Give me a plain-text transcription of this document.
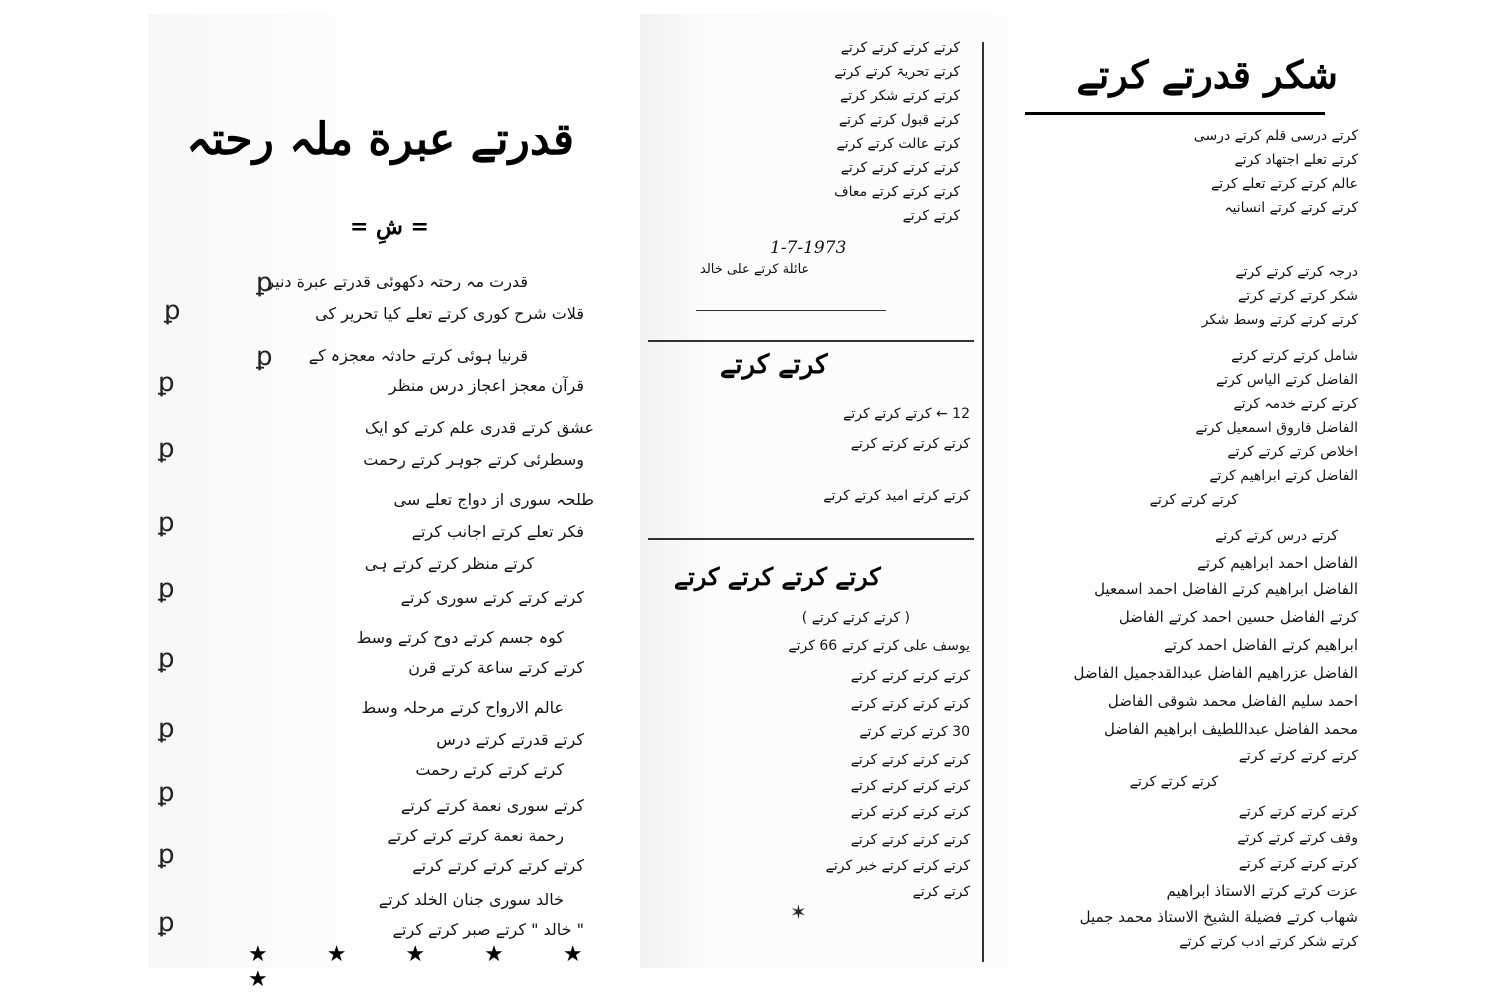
قدرتے عبرة ملہ رحتہ
= شِ =
قدرت مہ رحتہ دکھوئی قدرتے عبرة دنیر
قلات شرح کوری کرتے تعلے کیا تحریر کی
قرنیا ہوئی کرتے حادثہ معجزہ کے
قرآن معجز اعجاز درس منظر
عشق کرتے قدری علم کرتے کو ایک
وسطرئی کرتے جوہر کرتے رحمت
طلحہ سوری از دواج تعلے سی
فکر تعلے کرتے اجانب کرتے
کرتے منظر کرتے کرتے ہی
کرتے کرتے کرتے سوری کرتے
کوہ جسم کرتے دوح کرتے وسط
کرتے کرتے ساعة کرتے قرن
عالم الارواح کرتے مرحلہ وسط
کرتے قدرتے کرتے درس
کرتے کرتے کرتے رحمت
کرتے سوری نعمة کرتے کرتے
رحمة نعمة کرتے کرتے کرتے
کرتے کرتے کرتے کرتے کرتے
خالد سوری جنان الخلد کرتے
" خالد " کرتے صبر کرتے کرتے
ꝑ
ꝑ
ꝑ
ꝑ
ꝑ
ꝑ
ꝑ
ꝑ
ꝑ
ꝑ
ꝑ
ꝑ
★ ★ ★ ★ ★ ★
شکر قدرتے کرتے
کرتے درسی قلم کرتے درسی
کرتے تعلے اجتهاد کرتے
عالم کرتے کرتے تعلے کرتے
کرتے کرتے کرتے انسانیہ
درجہ کرتے کرتے کرتے
شکر کرتے کرتے کرتے
کرتے کرتے کرتے وسط شکر
شامل کرتے کرتے کرتے
الفاضل کرتے الیاس کرتے
کرتے کرتے خدمہ کرتے
الفاضل فاروق اسمعیل کرتے
اخلاص کرتے کرتے کرتے
الفاضل کرتے ابراهیم کرتے
کرتے کرتے کرتے
کرتے درس کرتے کرتے
الفاضل احمد ابراهیم کرتے
الفاضل ابراهیم کرتے الفاضل احمد اسمعیل
کرتے الفاضل حسین احمد کرتے الفاضل
ابراهیم کرتے الفاضل احمد کرتے
الفاضل عزراهیم الفاضل عبدالقدجمیل الفاضل
احمد سلیم الفاضل محمد شوقی الفاضل
محمد الفاضل عبداللطیف ابراهیم الفاضل
کرتے کرتے کرتے کرتے
کرتے کرتے کرتے
کرتے کرتے کرتے کرتے
وقف کرتے کرتے کرتے
کرتے کرتے کرتے کرتے
عزت کرتے کرتے الاستاذ ابراهیم
شهاب کرتے فضیلة الشیخ الاستاذ محمد جمیل
کرتے شکر کرتے ادب کرتے کرتے
کرتے کرتے کرتے کرتے
کرتے تحریۃ کرتے کرتے
کرتے کرتے شکر کرتے
کرتے قبول کرتے کرتے
کرتے عالت کرتے کرتے
کرتے کرتے کرتے کرتے
کرتے کرتے کرتے معاف
کرتے کرتے
1-7-1973
عائلة کرتے علی خالد
کرتے کرتے
12 ← کرتے کرتے کرتے
کرتے کرتے کرتے کرتے
کرتے کرتے امید کرتے کرتے
کرتے کرتے کرتے کرتے
( کرتے کرتے کرتے )
یوسف علی کرتے کرتے 66 کرتے
کرتے کرتے کرتے کرتے
کرتے کرتے کرتے کرتے
30 کرتے کرتے کرتے
کرتے کرتے کرتے کرتے
کرتے کرتے کرتے کرتے
کرتے کرتے کرتے کرتے
کرتے کرتے کرتے کرتے
کرتے کرتے کرتے خبر کرتے
کرتے کرتے
✶
